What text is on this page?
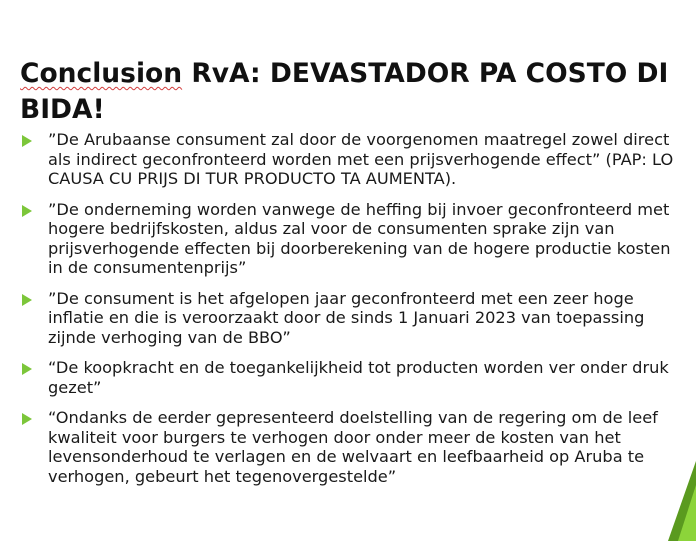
Conclusion RvA: DEVASTADOR PA COSTO DI BIDA!
”De Arubaanse consument zal door de voorgenomen maatregel zowel direct als indirect geconfronteerd worden met een prijsverhogende effect” (PAP: LO CAUSA CU PRIJS DI TUR PRODUCTO TA AUMENTA).
”De onderneming worden vanwege de heffing bij invoer geconfronteerd met hogere bedrijfskosten, aldus zal voor de consumenten sprake zijn van prijsverhogende effecten bij doorberekening van de hogere productie kosten in de consumentenprijs”
”De consument is het afgelopen jaar geconfronteerd met een zeer hoge inflatie en die is veroorzaakt door de sinds 1 Januari 2023 van toepassing zijnde verhoging van de BBO”
“De koopkracht en de toegankelijkheid tot producten worden ver onder druk gezet”
“Ondanks de eerder gepresenteerd doelstelling van de regering om de leef kwaliteit voor burgers te verhogen door onder meer de kosten van het levensonderhoud te verlagen en de welvaart en leefbaarheid op Aruba te verhogen, gebeurt het tegenovergestelde”
